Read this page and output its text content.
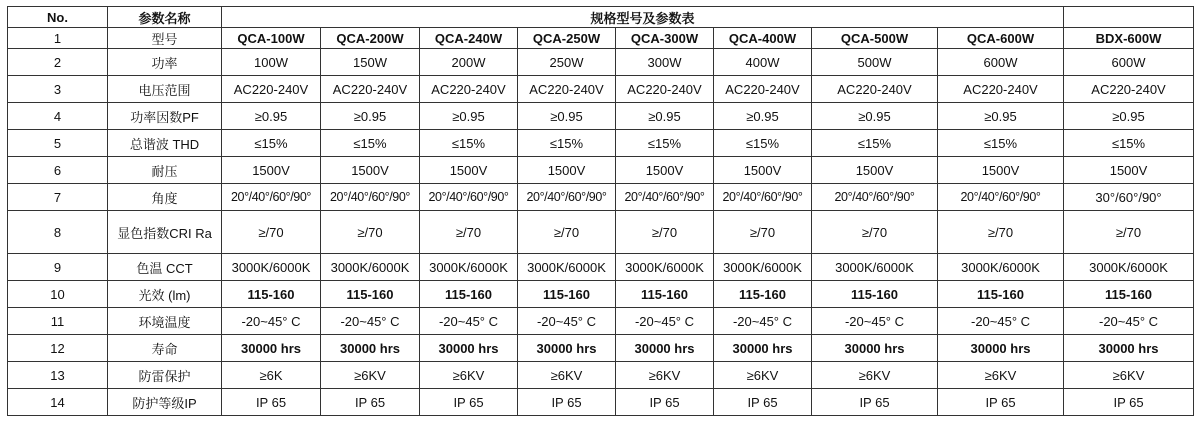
No.	参数名称	规格型号及参数表								
1	型号	QCA-100W	QCA-200W	QCA-240W	QCA-250W	QCA-300W	QCA-400W	QCA-500W	QCA-600W	BDX-600W
2	功率	100W	150W	200W	250W	300W	400W	500W	600W	600W
3	电压范围	AC220-240V	AC220-240V	AC220-240V	AC220-240V	AC220-240V	AC220-240V	AC220-240V	AC220-240V	AC220-240V
4	功率因数PF	≥0.95	≥0.95	≥0.95	≥0.95	≥0.95	≥0.95	≥0.95	≥0.95	≥0.95
5	总谐波 THD	≤15%	≤15%	≤15%	≤15%	≤15%	≤15%	≤15%	≤15%	≤15%
6	耐压	1500V	1500V	1500V	1500V	1500V	1500V	1500V	1500V	1500V
7	角度	20°/40°/60°/90°	20°/40°/60°/90°	20°/40°/60°/90°	20°/40°/60°/90°	20°/40°/60°/90°	20°/40°/60°/90°	20°/40°/60°/90°	20°/40°/60°/90°	30°/60°/90°
8	显色指数CRI Ra	≥/70	≥/70	≥/70	≥/70	≥/70	≥/70	≥/70	≥/70	≥/70
9	色温 CCT	3000K/6000K	3000K/6000K	3000K/6000K	3000K/6000K	3000K/6000K	3000K/6000K	3000K/6000K	3000K/6000K	3000K/6000K
10	光效 (lm)	115-160	115-160	115-160	115-160	115-160	115-160	115-160	115-160	115-160
11	环境温度	-20~45° C	-20~45° C	-20~45° C	-20~45° C	-20~45° C	-20~45° C	-20~45° C	-20~45° C	-20~45° C
12	寿命	30000 hrs	30000 hrs	30000 hrs	30000 hrs	30000 hrs	30000 hrs	30000 hrs	30000 hrs	30000 hrs
13	防雷保护	≥6K	≥6KV	≥6KV	≥6KV	≥6KV	≥6KV	≥6KV	≥6KV	≥6KV
14	防护等级IP	IP 65	IP 65	IP 65	IP 65	IP 65	IP 65	IP 65	IP 65	IP 65
